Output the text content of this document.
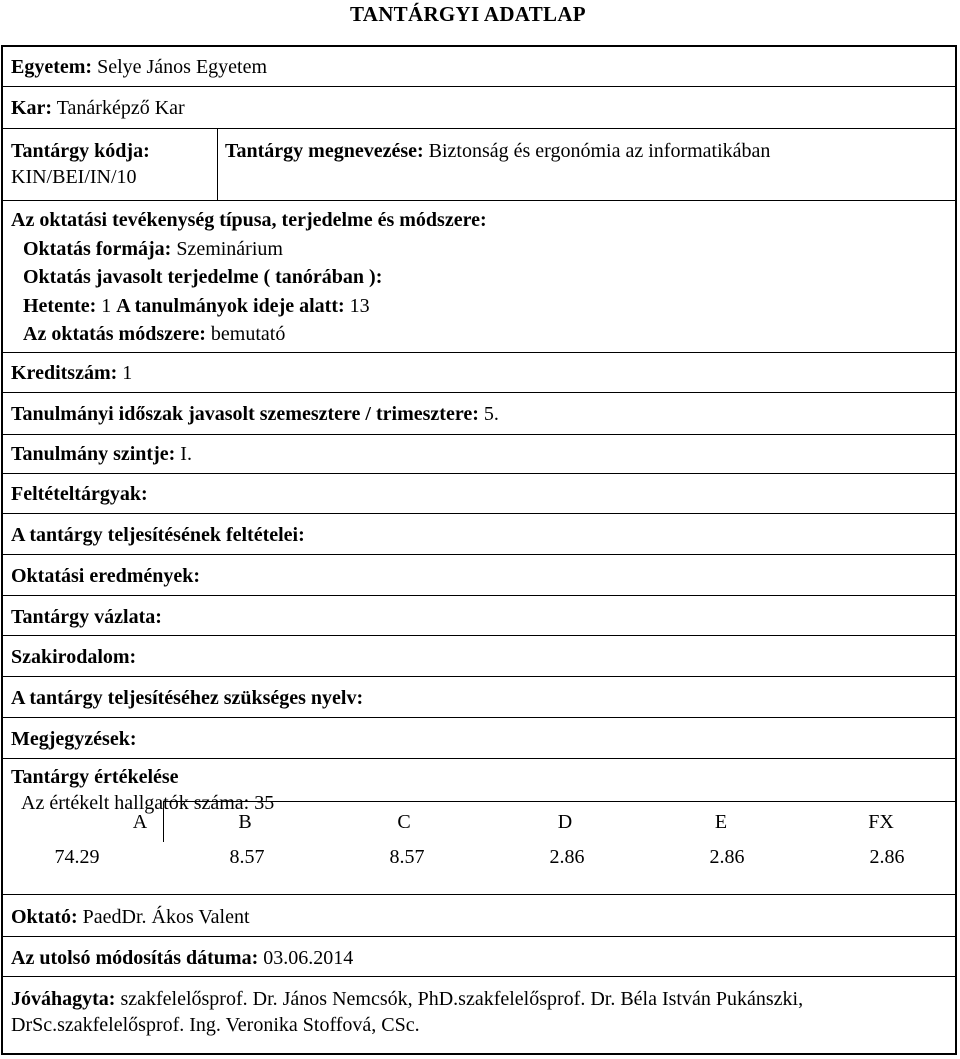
TANTÁRGYI ADATLAP
Egyetem: Selye János Egyetem
Kar: Tanárképző Kar
Tantárgy kódja:
KIN/BEI/IN/10
Tantárgy megnevezése: Biztonság és ergonómia az informatikában
Az oktatási tevékenység típusa, terjedelme és módszere:
Oktatás formája: Szeminárium
Oktatás javasolt terjedelme ( tanórában ):
Hetente: 1 A tanulmányok ideje alatt: 13
Az oktatás módszere: bemutató
Kreditszám: 1
Tanulmányi időszak javasolt szemesztere / trimesztere: 5.
Tanulmány szintje: I.
Feltételtárgyak:
A tantárgy teljesítésének feltételei:
Oktatási eredmények:
Tantárgy vázlata:
Szakirodalom:
A tantárgy teljesítéséhez szükséges nyelv:
Megjegyzések:
Tantárgy értékelése
Az értékelt hallgatók száma: 35
A	B	C	D	E	FX
74.29	8.57	8.57	2.86	2.86	2.86
Oktató: PaedDr. Ákos Valent
Az utolsó módosítás dátuma: 03.06.2014
Jóváhagyta: szakfelelősprof. Dr. János Nemcsók, PhD.szakfelelősprof. Dr. Béla István Pukánszki,
DrSc.szakfelelősprof. Ing. Veronika Stoffová, CSc.
